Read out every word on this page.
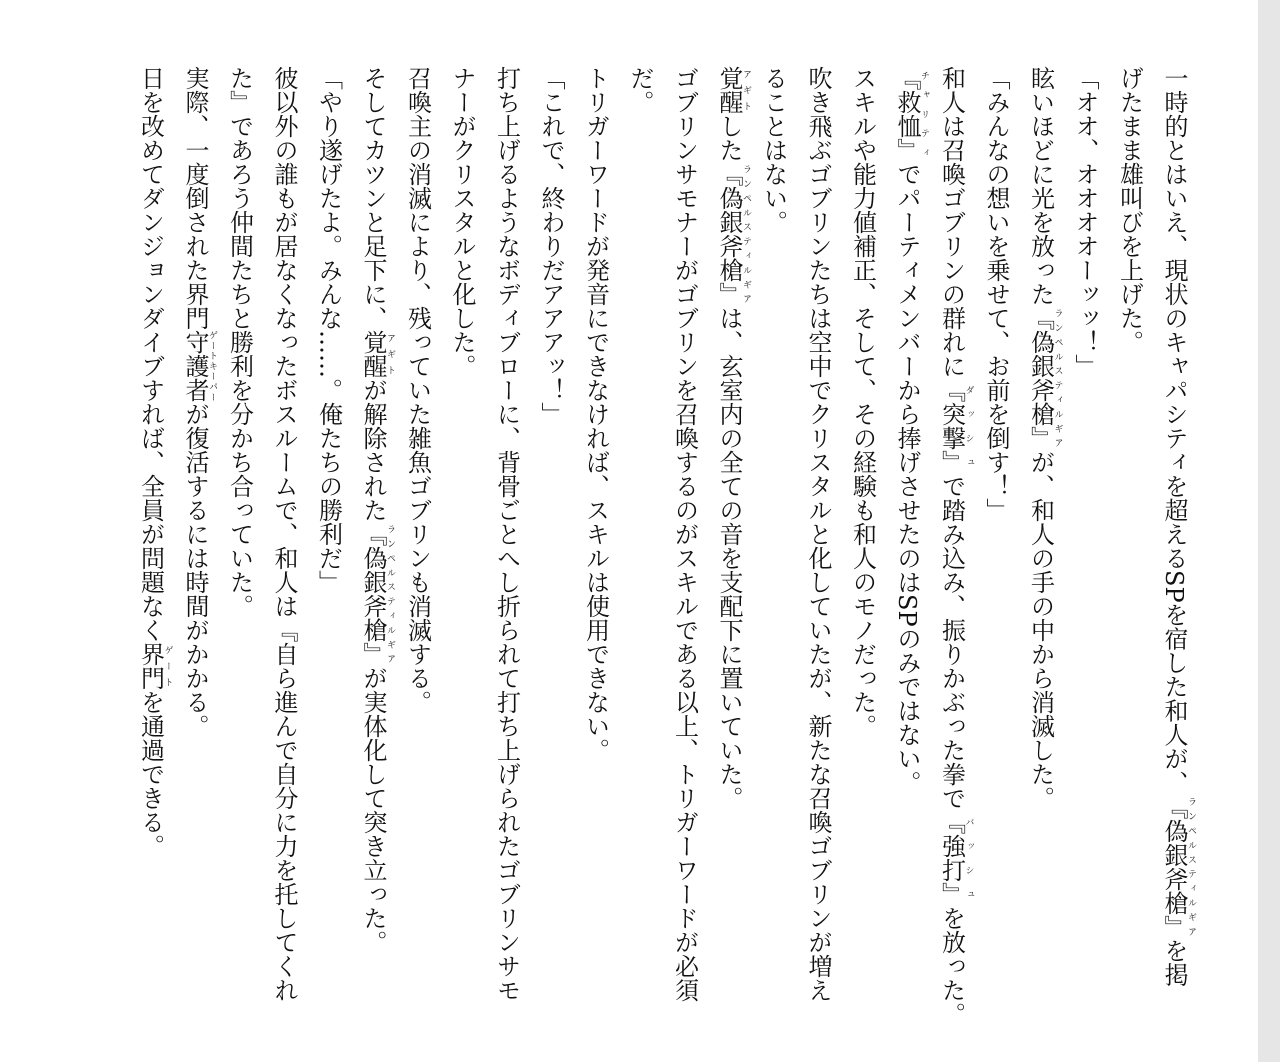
一時的とはいえ、現状のキャパシティを超えるSPを宿した和人が、『偽銀斧槍』ランペルスティルギアを掲
げたまま雄叫びを上げた。
「オオ、オオオオーッッ！」
眩いほどに光を放った『偽銀斧槍』ランペルスティルギアが、和人の手の中から消滅した。
「みんなの想いを乗せて、お前を倒す！」
和人は召喚ゴブリンの群れに『突撃』ダッシュで踏み込み、振りかぶった拳で『強打』バッシュを放った。
『救恤』チャリティでパーティメンバーから捧げさせたのはSPのみではない。
スキルや能力値補正、そして、その経験も和人のモノだった。
吹き飛ぶゴブリンたちは空中でクリスタルと化していたが、新たな召喚ゴブリンが増え
ることはない。
覚醒アギトした『偽銀斧槍』ランペルスティルギアは、玄室内の全ての音を支配下に置いていた。
ゴブリンサモナーがゴブリンを召喚するのがスキルである以上、トリガーワードが必須
だ。
トリガーワードが発音にできなければ、スキルは使用できない。
「これで、終わりだアアアッ！」
打ち上げるようなボディブローに、背骨ごとへし折られて打ち上げられたゴブリンサモ
ナーがクリスタルと化した。
召喚主の消滅により、残っていた雑魚ゴブリンも消滅する。
そしてカツンと足下に、覚醒アギトが解除された『偽銀斧槍』ランペルスティルギアが実体化して突き立った。
「やり遂げたよ。みんな……。俺たちの勝利だ」
彼以外の誰もが居なくなったボスルームで、和人は『自ら進んで自分に力を托してくれ
た』であろう仲間たちと勝利を分かち合っていた。
実際、一度倒された界門守護者ゲートキーパーが復活するには時間がかかる。
日を改めてダンジョンダイブすれば、全員が問題なく界門ゲートを通過できる。
